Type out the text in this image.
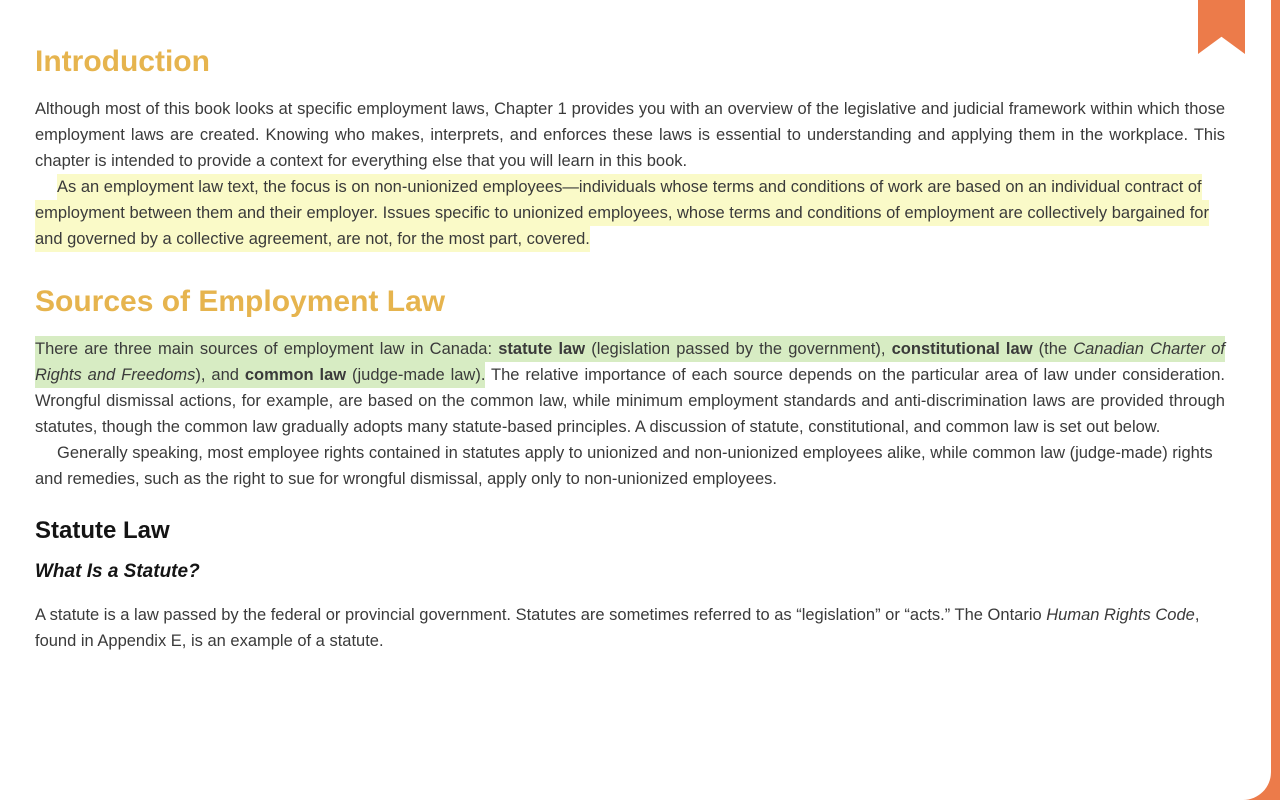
Introduction

Although most of this book looks at specific employment laws, Chapter 1 provides you with an overview of the legislative and judicial framework within which those employment laws are created. Knowing who makes, interprets, and enforces these laws is essential to understanding and applying them in the workplace. This chapter is intended to provide a context for everything else that you will learn in this book.

As an employment law text, the focus is on non-unionized employees—individuals whose terms and conditions of work are based on an individual contract of employment between them and their employer. Issues specific to unionized employees, whose terms and conditions of employment are collectively bargained for and governed by a collective agreement, are not, for the most part, covered.

Sources of Employment Law

There are three main sources of employment law in Canada: statute law (legislation passed by the government), constitutional law (the Canadian Charter of Rights and Freedoms), and common law (judge-made law). The relative importance of each source depends on the particular area of law under consideration. Wrongful dismissal actions, for example, are based on the common law, while minimum employment standards and anti-discrimination laws are provided through statutes, though the common law gradually adopts many statute-based principles. A discussion of statute, constitutional, and common law is set out below.

Generally speaking, most employee rights contained in statutes apply to unionized and non-unionized employees alike, while common law (judge-made) rights and remedies, such as the right to sue for wrongful dismissal, apply only to non-unionized employees.

Statute Law
What Is a Statute?

A statute is a law passed by the federal or provincial government. Statutes are sometimes referred to as “legislation” or “acts.” The Ontario Human Rights Code, found in Appendix E, is an example of a statute.
